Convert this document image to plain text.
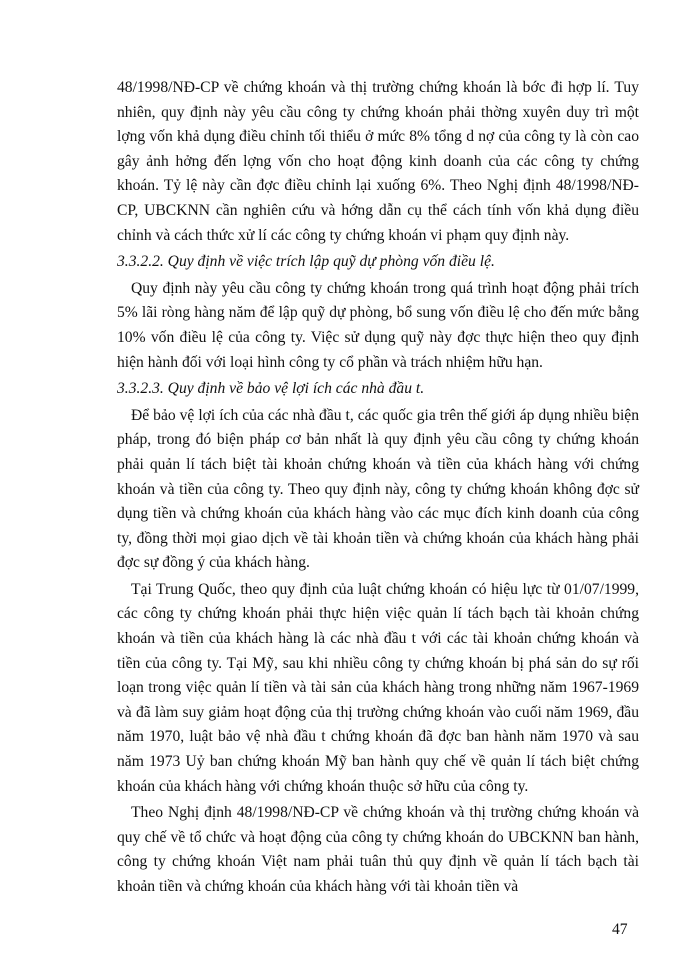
48/1998/NĐ-CP về chứng khoán và thị trường chứng khoán là bớc đi hợp lí. Tuy nhiên, quy định này yêu cầu công ty chứng khoán phải thờng xuyên duy trì một lợng vốn khả dụng điều chỉnh tối thiểu ở mức 8% tổng d nợ của công ty là còn cao gây ảnh hởng đến lợng vốn cho hoạt động kinh doanh của các công ty chứng khoán. Tỷ lệ này cần đợc điều chỉnh lại xuống 6%. Theo Nghị định 48/1998/NĐ-CP, UBCKNN cần nghiên cứu và hớng dẫn cụ thể cách tính vốn khả dụng điều chỉnh và cách thức xử lí các công ty chứng khoán vi phạm quy định này.

3.3.2.2. Quy định về việc trích lập quỹ dự phòng vốn điều lệ.

Quy định này yêu cầu công ty chứng khoán trong quá trình hoạt động phải trích 5% lãi ròng hàng năm để lập quỹ dự phòng, bổ sung vốn điều lệ cho đến mức bằng 10% vốn điều lệ của công ty. Việc sử dụng quỹ này đợc thực hiện theo quy định hiện hành đối với loại hình công ty cổ phần và trách nhiệm hữu hạn.

3.3.2.3. Quy định về bảo vệ lợi ích các nhà đầu t.

Để bảo vệ lợi ích của các nhà đầu t, các quốc gia trên thế giới áp dụng nhiều biện pháp, trong đó biện pháp cơ bản nhất là quy định yêu cầu công ty chứng khoán phải quản lí tách biệt tài khoản chứng khoán và tiền của khách hàng với chứng khoán và tiền của công ty. Theo quy định này, công ty chứng khoán không đợc sử dụng tiền và chứng khoán của khách hàng vào các mục đích kinh doanh của công ty, đồng thời mọi giao dịch về tài khoản tiền và chứng khoán của khách hàng phải đợc sự đồng ý của khách hàng.

Tại Trung Quốc, theo quy định của luật chứng khoán có hiệu lực từ 01/07/1999, các công ty chứng khoán phải thực hiện việc quản lí tách bạch tài khoản chứng khoán và tiền của khách hàng là các nhà đầu t với các tài khoản chứng khoán và tiền của công ty. Tại Mỹ, sau khi nhiều công ty chứng khoán bị phá sản do sự rối loạn trong việc quản lí tiền và tài sản của khách hàng trong những năm 1967-1969 và đã làm suy giảm hoạt động của thị trường chứng khoán vào cuối năm 1969, đầu năm 1970, luật bảo vệ nhà đầu t chứng khoán đã đợc ban hành năm 1970 và sau năm 1973 Uỷ ban chứng khoán Mỹ ban hành quy chế về quản lí tách biệt chứng khoán của khách hàng với chứng khoán thuộc sở hữu của công ty.

Theo Nghị định 48/1998/NĐ-CP về chứng khoán và thị trường chứng khoán và quy chế về tổ chức và hoạt động của công ty chứng khoán do UBCKNN ban hành, công ty chứng khoán Việt nam phải tuân thủ quy định về quản lí tách bạch tài khoản tiền và chứng khoán của khách hàng với tài khoản tiền và

47
